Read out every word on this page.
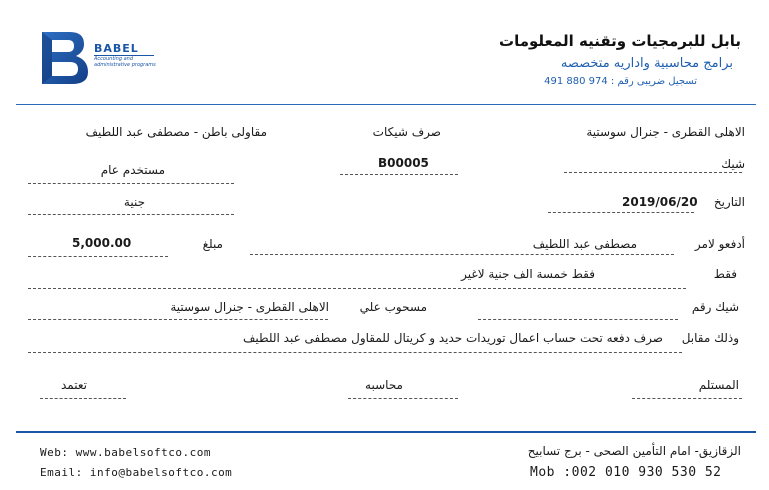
BABEL
Accounting and
administrative programs
بابل للبرمجيات وتقنيه المعلومات
برامج محاسبية واداريه متخصصه
تسجيل ضريبى رقم : 974 880 491
الاهلى القطرى - جنرال سوستية
صرف شيكات
مقاولى باطن - مصطفى عبد اللطيف
شيك
B00005
مستخدم عام
التاريخ
2019/06/20
جنية
أدفعو لامر
مصطفى عبد اللطيف
مبلغ
5,000.00
فقط
فقط خمسة الف جنية لاغير
شيك رقم
مسحوب علي
الاهلى القطرى - جنرال سوستية
وذلك مقابل
صرف دفعه تحت حساب اعمال توريدات حديد و كريتال للمقاول مصطفى عبد اللطيف
المستلم
محاسبه
تعتمد
Web: www.babelsoftco.com
Email: info@babelsoftco.com
الزقازيق- امام التأمين الصحى - برج تسابيح
Mob :002 010 930 530 52
